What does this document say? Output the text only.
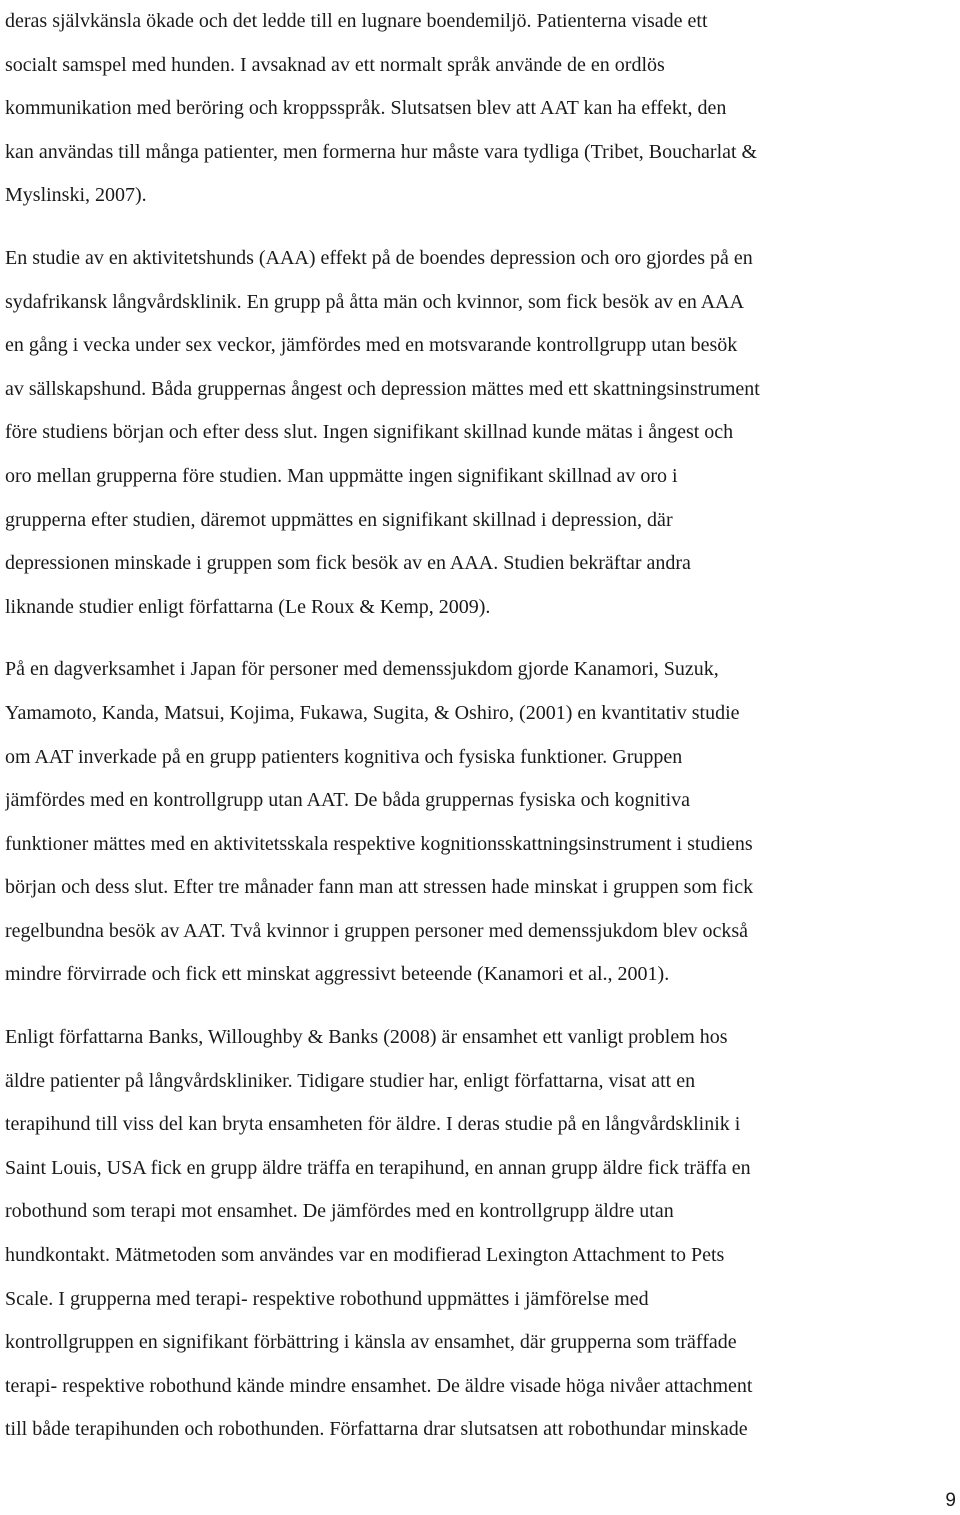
deras självkänsla ökade och det ledde till en lugnare boendemiljö. Patienterna visade ett
socialt samspel med hunden. I avsaknad av ett normalt språk använde de en ordlös
kommunikation med beröring och kroppsspråk. Slutsatsen blev att AAT kan ha effekt, den
kan användas till många patienter, men formerna hur måste vara tydliga (Tribet, Boucharlat &
Myslinski, 2007).
En studie av en aktivitetshunds (AAA) effekt på de boendes depression och oro gjordes på en
sydafrikansk långvårdsklinik. En grupp på åtta män och kvinnor, som fick besök av en AAA
en gång i vecka under sex veckor, jämfördes med en motsvarande kontrollgrupp utan besök
av sällskapshund. Båda gruppernas ångest och depression mättes med ett skattningsinstrument
före studiens början och efter dess slut. Ingen signifikant skillnad kunde mätas i ångest och
oro mellan grupperna före studien. Man uppmätte ingen signifikant skillnad av oro i
grupperna efter studien, däremot uppmättes en signifikant skillnad i depression, där
depressionen minskade i gruppen som fick besök av en AAA. Studien bekräftar andra
liknande studier enligt författarna (Le Roux & Kemp, 2009).
På en dagverksamhet i Japan för personer med demenssjukdom gjorde Kanamori, Suzuk,
Yamamoto, Kanda, Matsui, Kojima, Fukawa, Sugita, & Oshiro, (2001) en kvantitativ studie
om AAT inverkade på en grupp patienters kognitiva och fysiska funktioner. Gruppen
jämfördes med en kontrollgrupp utan AAT. De båda gruppernas fysiska och kognitiva
funktioner mättes med en aktivitetsskala respektive kognitionsskattningsinstrument i studiens
början och dess slut. Efter tre månader fann man att stressen hade minskat i gruppen som fick
regelbundna besök av AAT. Två kvinnor i gruppen personer med demenssjukdom blev också
mindre förvirrade och fick ett minskat aggressivt beteende (Kanamori et al., 2001).
Enligt författarna Banks, Willoughby & Banks (2008) är ensamhet ett vanligt problem hos
äldre patienter på långvårdskliniker. Tidigare studier har, enligt författarna, visat att en
terapihund till viss del kan bryta ensamheten för äldre. I deras studie på en långvårdsklinik i
Saint Louis, USA fick en grupp äldre träffa en terapihund, en annan grupp äldre fick träffa en
robothund som terapi mot ensamhet. De jämfördes med en kontrollgrupp äldre utan
hundkontakt. Mätmetoden som användes var en modifierad Lexington Attachment to Pets
Scale. I grupperna med terapi- respektive robothund uppmättes i jämförelse med
kontrollgruppen en signifikant förbättring i känsla av ensamhet, där grupperna som träffade
terapi- respektive robothund kände mindre ensamhet. De äldre visade höga nivåer attachment
till både terapihunden och robothunden. Författarna drar slutsatsen att robothundar minskade
9
